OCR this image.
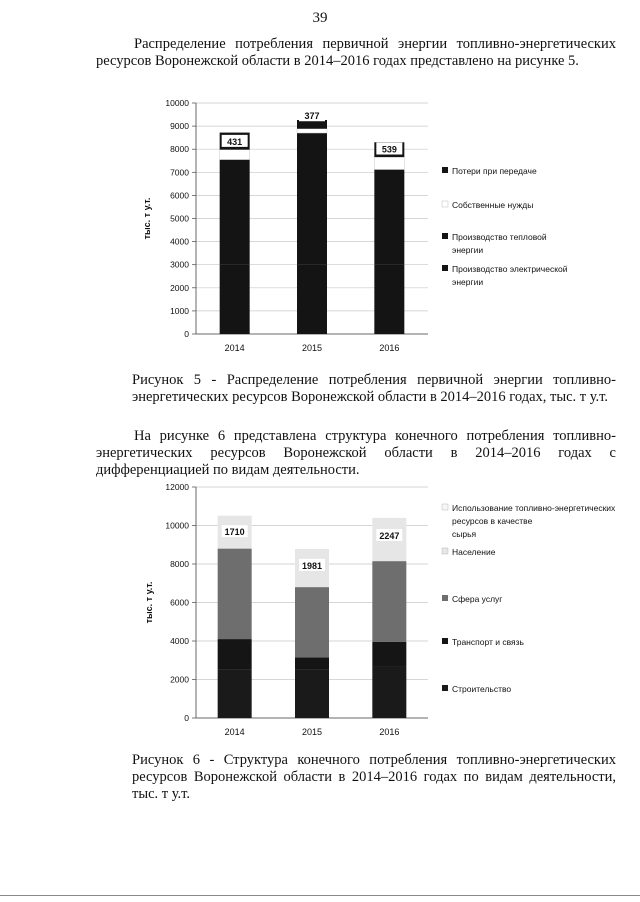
39
Распределение потребления первичной энергии топливно-энергетических ресурсов Воронежской области в 2014–2016 годах представлено на рисунке 5.
0
1000
2000
3000
4000
5000
6000
7000
8000
9000
10000
2014	2015	2016
431
377
539
тыс. т у.т.
Потери при передаче
Собственные нужды
Производство тепловой энергии
Производство электрической энергии
Рисунок 5 - Распределение потребления первичной энергии топливно-энергетических ресурсов Воронежской области в 2014–2016 годах, тыс. т у.т.
На рисунке 6 представлена структура конечного потребления топливно-энергетических ресурсов Воронежской области в 2014–2016 годах с дифференциацией по видам деятельности.
0
2000
4000
6000
8000
10000
12000
2014	2015	2016
1710
1981
2247
тыс. т у.т.
Использование топливно-энергетических ресурсов в качестве сырья
Население
Сфера услуг
Транспорт и связь
Строительство
Рисунок 6 - Структура конечного потребления топливно-энергетических ресурсов Воронежской области в 2014–2016 годах по видам деятельности, тыс. т у.т.
